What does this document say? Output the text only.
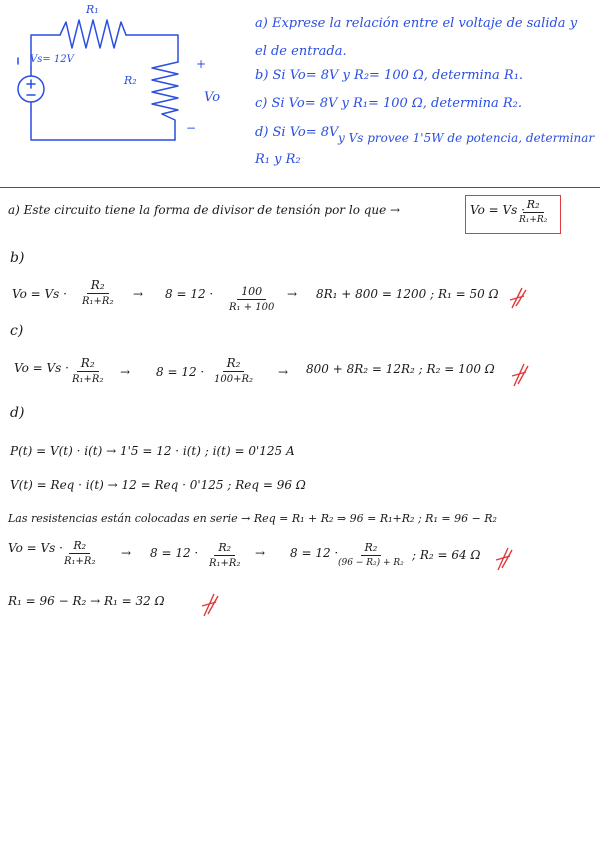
R₁
Vs= 12V
R₂
+
Vo
−
a) Exprese la relación entre el voltaje de salida y
el de entrada.
b) Si Vo= 8V y R₂= 100 Ω, determina R₁.
c) Si Vo= 8V y R₁= 100 Ω, determina R₂.
d) Si Vo= 8V y Vs provee 1'5W de potencia, determinar
R₁ y R₂
a) Este circuito tiene la forma de divisor de tensión por lo que →	Vo = Vs · R₂
R₁+R₂
b)
Vo = Vs ·
R₂
R₁+R₂
→ $8 = 12 \cdot \frac{100}{\text{R₁ + 100}} \to 8R_1 + 800 = 1200$ ; R₁ = 50 Ω
c)
Vo = Vs · R₂
R₁+R₂
→ 8 = 12 ·
R₂
100+R₂
→ 800 + 8R₂ = 12R₂ ; R₂ = 100 Ω
d)
P(t) = V(t) · i(t) → 1'5 = 12 · i(t) ; i(t) = 0'125 A
V(t) = Req · i(t) → 12 = Req · 0'125 ; Req = 96 Ω
Las resistencias están colocadas en serie → Req = R₁ + R₂ ⇒ 96 = R₁+R₂ ; R₁ = 96 − R₂
$Vo = Vs \cdot \frac{\text{R₂}}{\text{R₁+R₂}} \to 8 = 12 \cdot \frac{\text{R₂}}{\text{R₁+R₂}} \to 8 = 12$ ·	R₂
(96 − R₂) + R₂
; R₂ = 64 Ω
R₁ = 96 − R₂ → R₁ = 32 Ω
